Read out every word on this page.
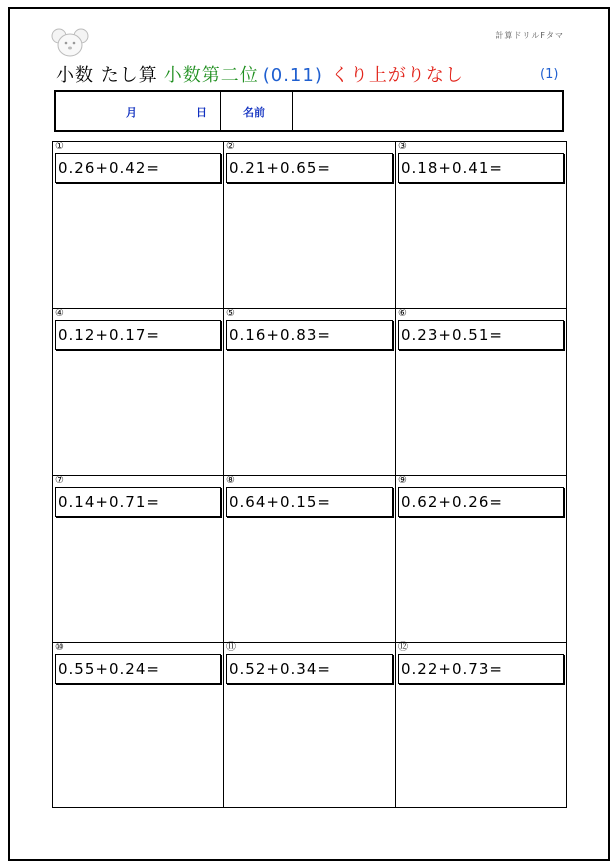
計算ドリルFタマ
小数 たし算 小数第二位 (0.11) くり上がりなし	(1)
月	日	名前
①
0.26+0.42=
②
0.21+0.65=
③
0.18+0.41=
④
0.12+0.17=
⑤
0.16+0.83=
⑥
0.23+0.51=
⑦
0.14+0.71=
⑧
0.64+0.15=
⑨
0.62+0.26=
⑩
0.55+0.24=
⑪
0.52+0.34=
⑫
0.22+0.73=
